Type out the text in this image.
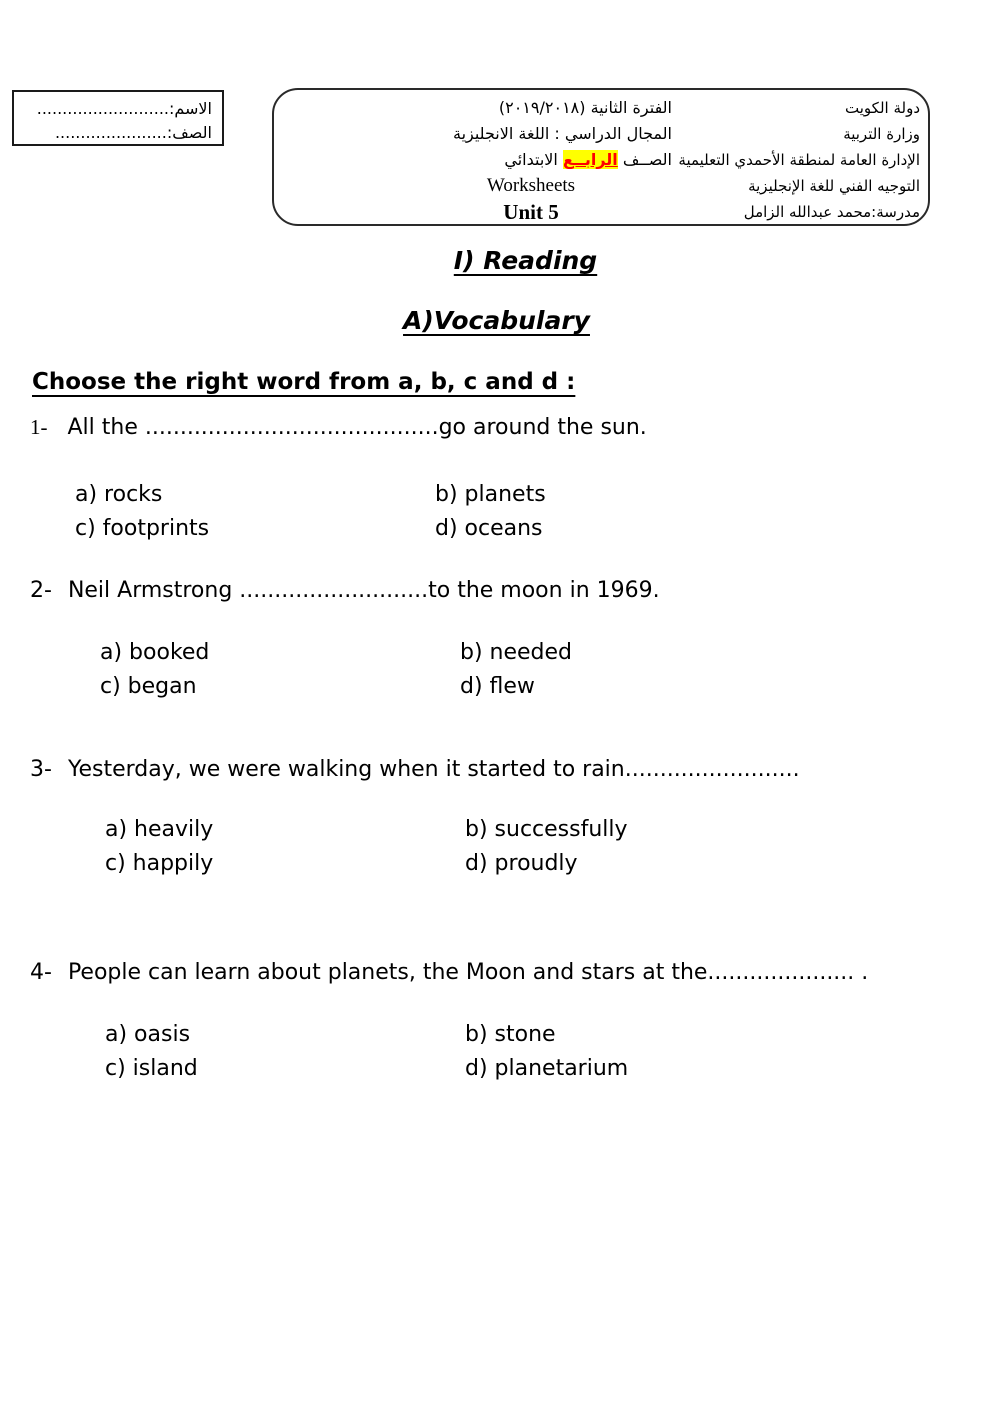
الاسم:..........................
الصف:......................
الفترة الثانية (٢٠١٩/٢٠١٨)
المجال الدراسي : اللغة الانجليزية
الصــف الرابــع الابتدائي
Worksheets
Unit 5
دولة الكويت
وزارة التربية
الإدارة العامة لمنطقة الأحمدي التعليمية
التوجيه الفني للغة الإنجليزية
مدرسة:محمد عبدالله الزامل
I) Reading
A)Vocabulary
Choose the right word from a, b, c and d :
1- All the ..........................................go around the sun.
a) rocks	b) planets
c) footprints	d) oceans
2- Neil Armstrong ...........................to the moon in 1969.
a) booked	b) needed
c) began	d) flew
3- Yesterday, we were walking when it started to rain.........................
a) heavily	b) successfully
c) happily	d) proudly
4- People can learn about planets, the Moon and stars at the..................... .
a) oasis	b) stone
c) island	d) planetarium
